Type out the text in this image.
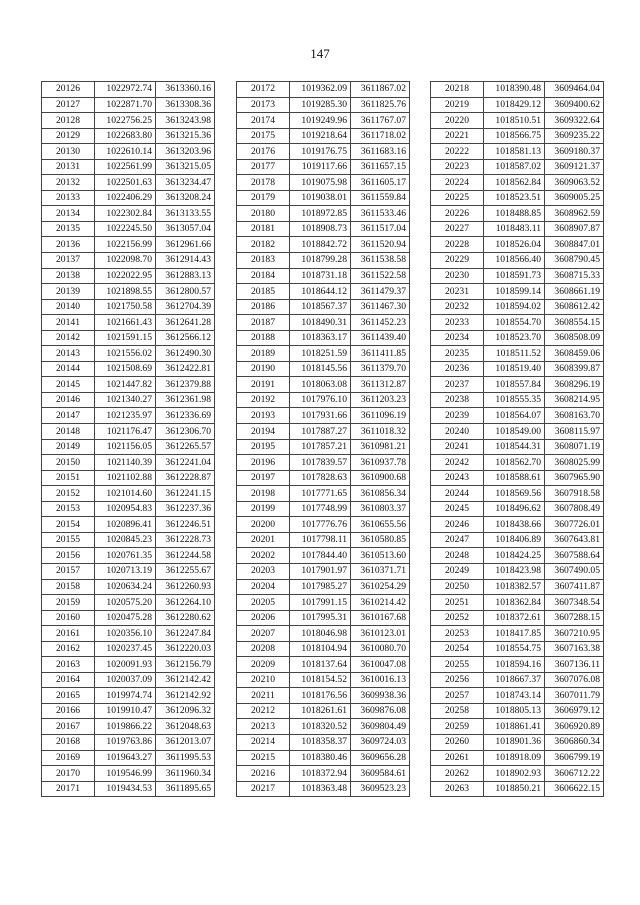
147
20126	1022972.74	3613360.16
20127	1022871.70	3613308.36
20128	1022756.25	3613243.98
20129	1022683.80	3613215.36
20130	1022610.14	3613203.96
20131	1022561.99	3613215.05
20132	1022501.63	3613234.47
20133	1022406.29	3613208.24
20134	1022302.84	3613133.55
20135	1022245.50	3613057.04
20136	1022156.99	3612961.66
20137	1022098.70	3612914.43
20138	1022022.95	3612883.13
20139	1021898.55	3612800.57
20140	1021750.58	3612704.39
20141	1021661.43	3612641.28
20142	1021591.15	3612566.12
20143	1021556.02	3612490.30
20144	1021508.69	3612422.81
20145	1021447.82	3612379.88
20146	1021340.27	3612361.98
20147	1021235.97	3612336.69
20148	1021176.47	3612306.70
20149	1021156.05	3612265.57
20150	1021140.39	3612241.04
20151	1021102.88	3612228.87
20152	1021014.60	3612241.15
20153	1020954.83	3612237.36
20154	1020896.41	3612246.51
20155	1020845.23	3612228.73
20156	1020761.35	3612244.58
20157	1020713.19	3612255.67
20158	1020634.24	3612260.93
20159	1020575.20	3612264.10
20160	1020475.28	3612280.62
20161	1020356.10	3612247.84
20162	1020237.45	3612220.03
20163	1020091.93	3612156.79
20164	1020037.09	3612142.42
20165	1019974.74	3612142.92
20166	1019910.47	3612096.32
20167	1019866.22	3612048.63
20168	1019763.86	3612013.07
20169	1019643.27	3611995.53
20170	1019546.99	3611960.34
20171	1019434.53	3611895.65
20172	1019362.09	3611867.02
20173	1019285.30	3611825.76
20174	1019249.96	3611767.07
20175	1019218.64	3611718.02
20176	1019176.75	3611683.16
20177	1019117.66	3611657.15
20178	1019075.98	3611605.17
20179	1019038.01	3611559.84
20180	1018972.85	3611533.46
20181	1018908.73	3611517.04
20182	1018842.72	3611520.94
20183	1018799.28	3611538.58
20184	1018731.18	3611522.58
20185	1018644.12	3611479.37
20186	1018567.37	3611467.30
20187	1018490.31	3611452.23
20188	1018363.17	3611439.40
20189	1018251.59	3611411.85
20190	1018145.56	3611379.70
20191	1018063.08	3611312.87
20192	1017976.10	3611203.23
20193	1017931.66	3611096.19
20194	1017887.27	3611018.32
20195	1017857.21	3610981.21
20196	1017839.57	3610937.78
20197	1017828.63	3610900.68
20198	1017771.65	3610856.34
20199	1017748.99	3610803.37
20200	1017776.76	3610655.56
20201	1017798.11	3610580.85
20202	1017844.40	3610513.60
20203	1017901.97	3610371.71
20204	1017985.27	3610254.29
20205	1017991.15	3610214.42
20206	1017995.31	3610167.68
20207	1018046.98	3610123.01
20208	1018104.94	3610080.70
20209	1018137.64	3610047.08
20210	1018154.52	3610016.13
20211	1018176.56	3609938.36
20212	1018261.61	3609876.08
20213	1018320.52	3609804.49
20214	1018358.37	3609724.03
20215	1018380.46	3609656.28
20216	1018372.94	3609584.61
20217	1018363.48	3609523.23
20218	1018390.48	3609464.04
20219	1018429.12	3609400.62
20220	1018510.51	3609322.64
20221	1018566.75	3609235.22
20222	1018581.13	3609180.37
20223	1018587.02	3609121.37
20224	1018562.84	3609063.52
20225	1018523.51	3609005.25
20226	1018488.85	3608962.59
20227	1018483.11	3608907.87
20228	1018526.04	3608847.01
20229	1018566.40	3608790.45
20230	1018591.73	3608715.33
20231	1018599.14	3608661.19
20232	1018594.02	3608612.42
20233	1018554.70	3608554.15
20234	1018523.70	3608508.09
20235	1018511.52	3608459.06
20236	1018519.40	3608399.87
20237	1018557.84	3608296.19
20238	1018555.35	3608214.95
20239	1018564.07	3608163.70
20240	1018549.00	3608115.97
20241	1018544.31	3608071.19
20242	1018562.70	3608025.99
20243	1018588.61	3607965.90
20244	1018569.56	3607918.58
20245	1018496.62	3607808.49
20246	1018438.66	3607726.01
20247	1018406.89	3607643.81
20248	1018424.25	3607588.64
20249	1018423.98	3607490.05
20250	1018382.57	3607411.87
20251	1018362.84	3607348.54
20252	1018372.61	3607288.15
20253	1018417.85	3607210.95
20254	1018554.75	3607163.38
20255	1018594.16	3607136.11
20256	1018667.37	3607076.08
20257	1018743.14	3607011.79
20258	1018805.13	3606979.12
20259	1018861.41	3606920.89
20260	1018901.36	3606860.34
20261	1018918.09	3606799.19
20262	1018902.93	3606712.22
20263	1018850.21	3606622.15
